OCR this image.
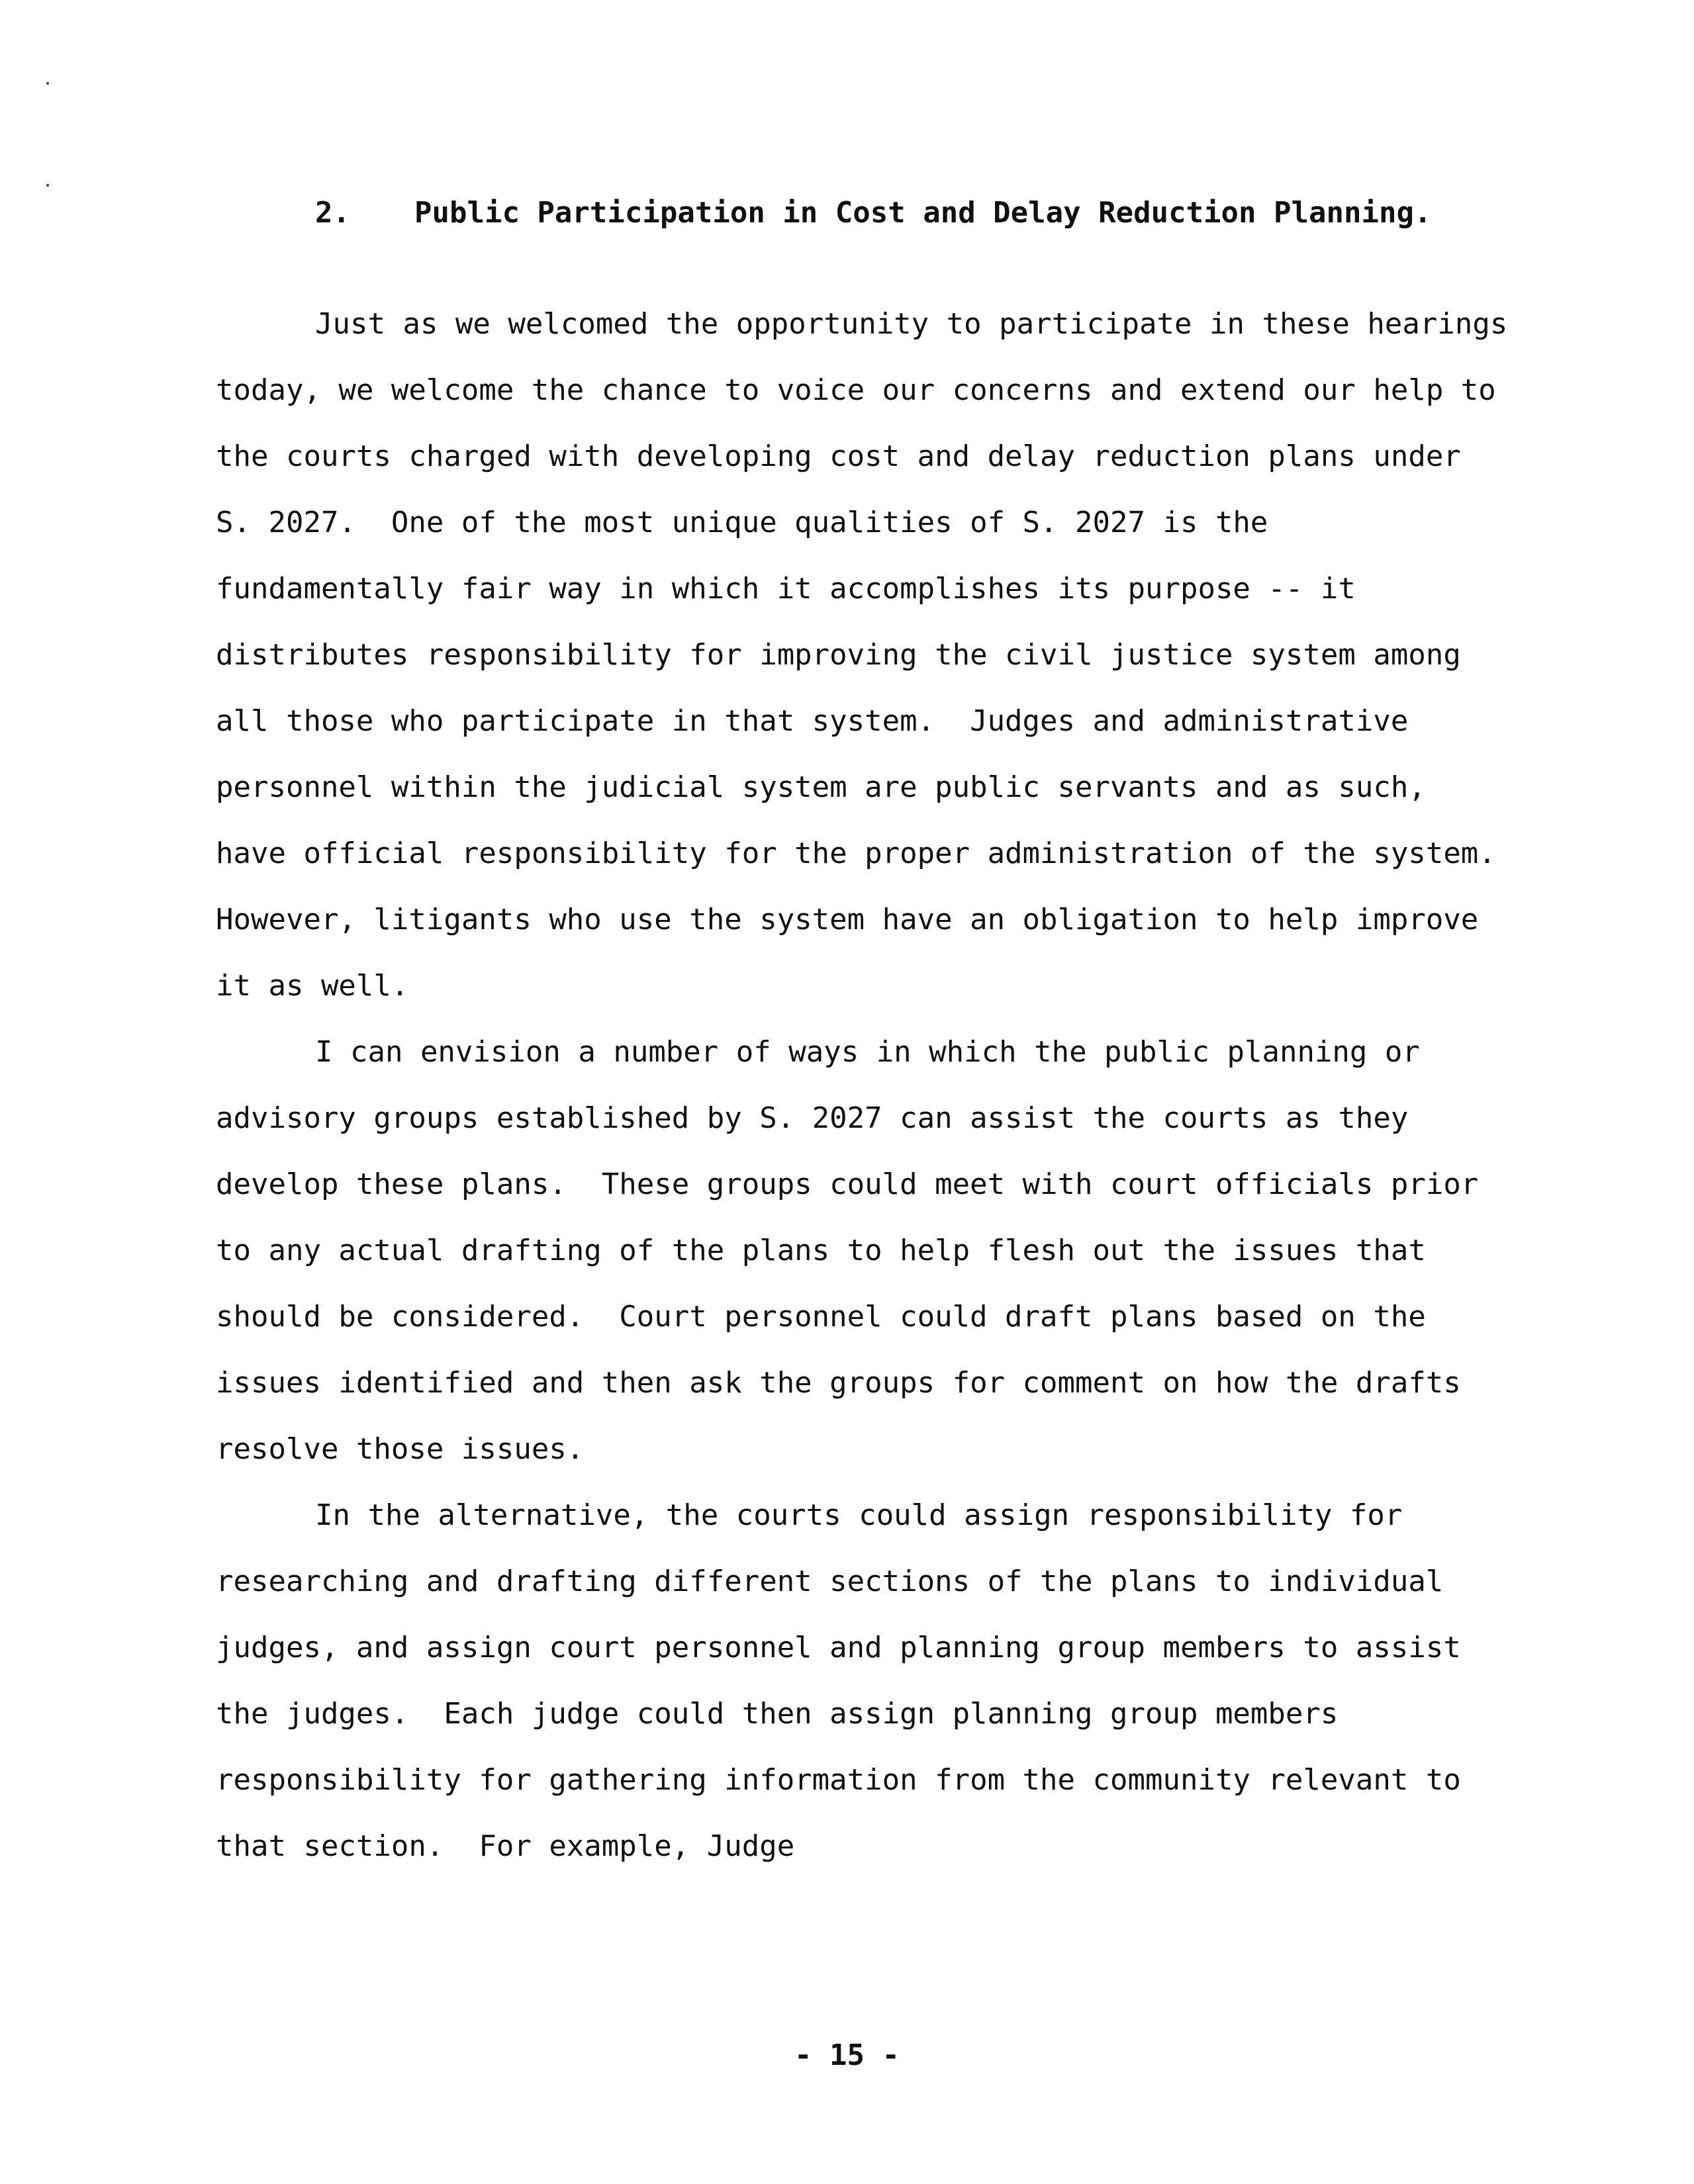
2.	Public Participation in Cost and Delay Reduction Planning.

Just as we welcomed the opportunity to participate in these hearings today, we welcome the chance to voice our concerns and extend our help to the courts charged with developing cost and delay reduction plans under S. 2027.  One of the most unique qualities of S. 2027 is the fundamentally fair way in which it accomplishes its purpose -- it distributes responsibility for improving the civil justice system among all those who participate in that system.  Judges and administrative personnel within the judicial system are public servants and as such, have official responsibility for the proper administration of the system.  However, litigants who use the system have an obligation to help improve it as well.

I can envision a number of ways in which the public planning or advisory groups established by S. 2027 can assist the courts as they develop these plans.  These groups could meet with court officials prior to any actual drafting of the plans to help flesh out the issues that should be considered.  Court personnel could draft plans based on the issues identified and then ask the groups for comment on how the drafts resolve those issues.

In the alternative, the courts could assign responsibility for researching and drafting different sections of the plans to individual judges, and assign court personnel and planning group members to assist the judges.  Each judge could then assign planning group members responsibility for gathering information from the community relevant to that section.  For example, Judge

- 15 -
